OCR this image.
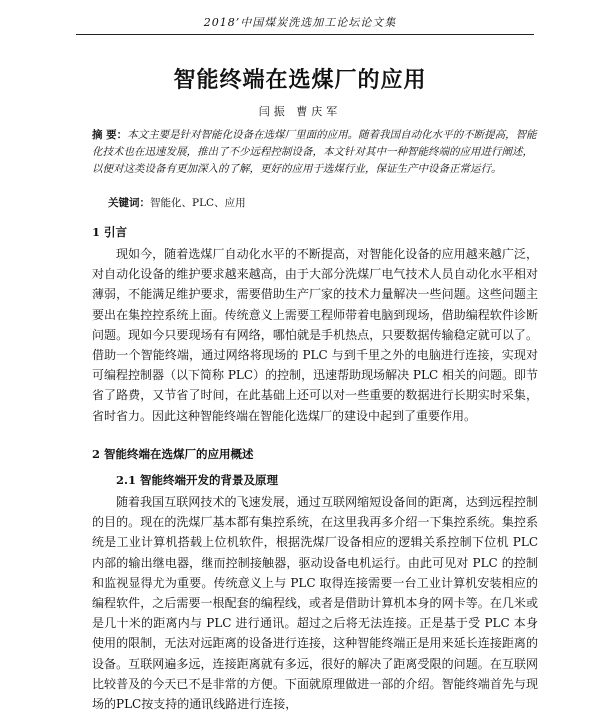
2018’中国煤炭洗选加工论坛论文集
智能终端在选煤厂的应用
闫振 曹庆军
摘 要：本文主要是针对智能化设备在选煤厂里面的应用。随着我国自动化水平的不断提高，智能化技术也在迅速发展，推出了不少远程控制设备，本文针对其中一种智能终端的应用进行阐述，以便对这类设备有更加深入的了解，更好的应用于选煤行业，保证生产中设备正常运行。
关键词：智能化、PLC、应用
1 引言
现如今，随着选煤厂自动化水平的不断提高，对智能化设备的应用越来越广泛，对自动化设备的维护要求越来越高，由于大部分洗煤厂电气技术人员自动化水平相对薄弱，不能满足维护要求，需要借助生产厂家的技术力量解决一些问题。这些问题主要出在集控控系统上面。传统意义上需要工程师带着电脑到现场，借助编程软件诊断问题。现如今只要现场有有网络，哪怕就是手机热点，只要数据传输稳定就可以了。借助一个智能终端，通过网络将现场的 PLC 与到千里之外的电脑进行连接，实现对可编程控制器（以下简称 PLC）的控制，迅速帮助现场解决 PLC 相关的问题。即节省了路费，又节省了时间，在此基础上还可以对一些重要的数据进行长期实时采集，省时省力。因此这种智能终端在智能化选煤厂的建设中起到了重要作用。
2 智能终端在选煤厂的应用概述
2.1 智能终端开发的背景及原理
随着我国互联网技术的飞速发展，通过互联网缩短设备间的距离，达到远程控制的目的。现在的洗煤厂基本都有集控系统，在这里我再多介绍一下集控系统。集控系统是工业计算机搭载上位机软件，根据洗煤厂设备相应的逻辑关系控制下位机 PLC 内部的输出继电器，继而控制接触器，驱动设备电机运行。由此可见对 PLC 的控制和监视显得尤为重要。传统意义上与 PLC 取得连接需要一台工业计算机安装相应的编程软件，之后需要一根配套的编程线，或者是借助计算机本身的网卡等。在几米或是几十米的距离内与 PLC 进行通讯。超过之后将无法连接。正是基于受 PLC 本身使用的限制，无法对远距离的设备进行连接，这种智能终端正是用来延长连接距离的设备。互联网遍多远，连接距离就有多远，很好的解决了距离受限的问题。在互联网比较普及的今天已不是非常的方便。下面就原理做进一部的介绍。智能终端首先与现场的PLC按支持的通讯线路进行连接，
